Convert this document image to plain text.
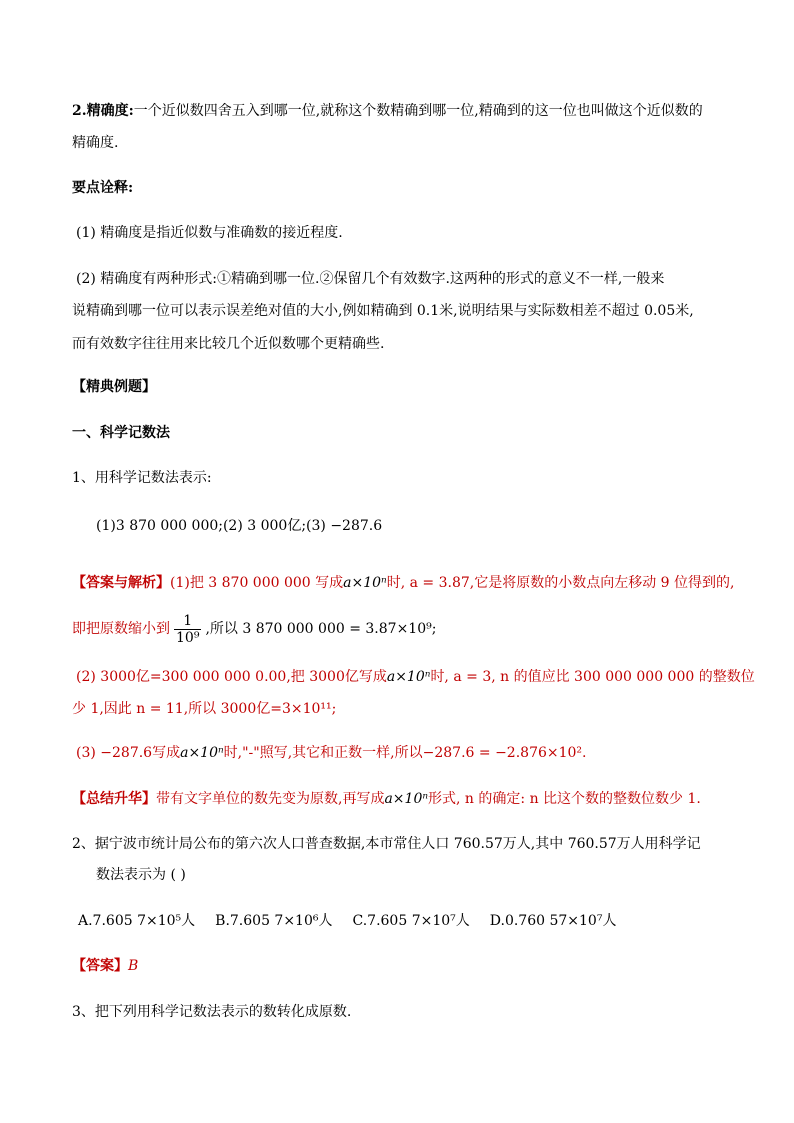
2.精确度:一个近似数四舍五入到哪一位,就称这个数精确到哪一位,精确到的这一位也叫做这个近似数的
精确度.
要点诠释:
(1) 精确度是指近似数与准确数的接近程度.
(2) 精确度有两种形式:①精确到哪一位.②保留几个有效数字.这两种的形式的意义不一样,一般来
说精确到哪一位可以表示误差绝对值的大小,例如精确到 0.1米,说明结果与实际数相差不超过 0.05米,
而有效数字往往用来比较几个近似数哪个更精确些.
【精典例题】
一、科学记数法
1、用科学记数法表示:
(1)3 870 000 000;(2) 3 000亿;(3) −287.6
【答案与解析】(1)把 3 870 000 000 写成a×10ⁿ时, a = 3.87,它是将原数的小数点向左移动 9 位得到的,
即把原数缩小到 $\frac{1}{\text{10⁹}}$ ,所以 3 870 000 000 = 3.87×10⁹;
(2) 3000亿=300 000 000 0.00,把 3000亿写成a×10ⁿ时, a = 3, n 的值应比 300 000 000 000 的整数位
少 1,因此 n = 11,所以 3000亿=3×10¹¹;
(3) −287.6写成a×10ⁿ时,"-"照写,其它和正数一样,所以−287.6 = −2.876×10².
【总结升华】带有文字单位的数先变为原数,再写成a×10ⁿ形式, n 的确定: n 比这个数的整数位数少 1.
2、据宁波市统计局公布的第六次人口普查数据,本市常住人口 760.57万人,其中 760.57万人用科学记
数法表示为 ( )
A.7.605 7×10⁵人 B.7.605 7×10⁶人 C.7.605 7×10⁷人 D.0.760 57×10⁷人
【答案】B
3、把下列用科学记数法表示的数转化成原数.
